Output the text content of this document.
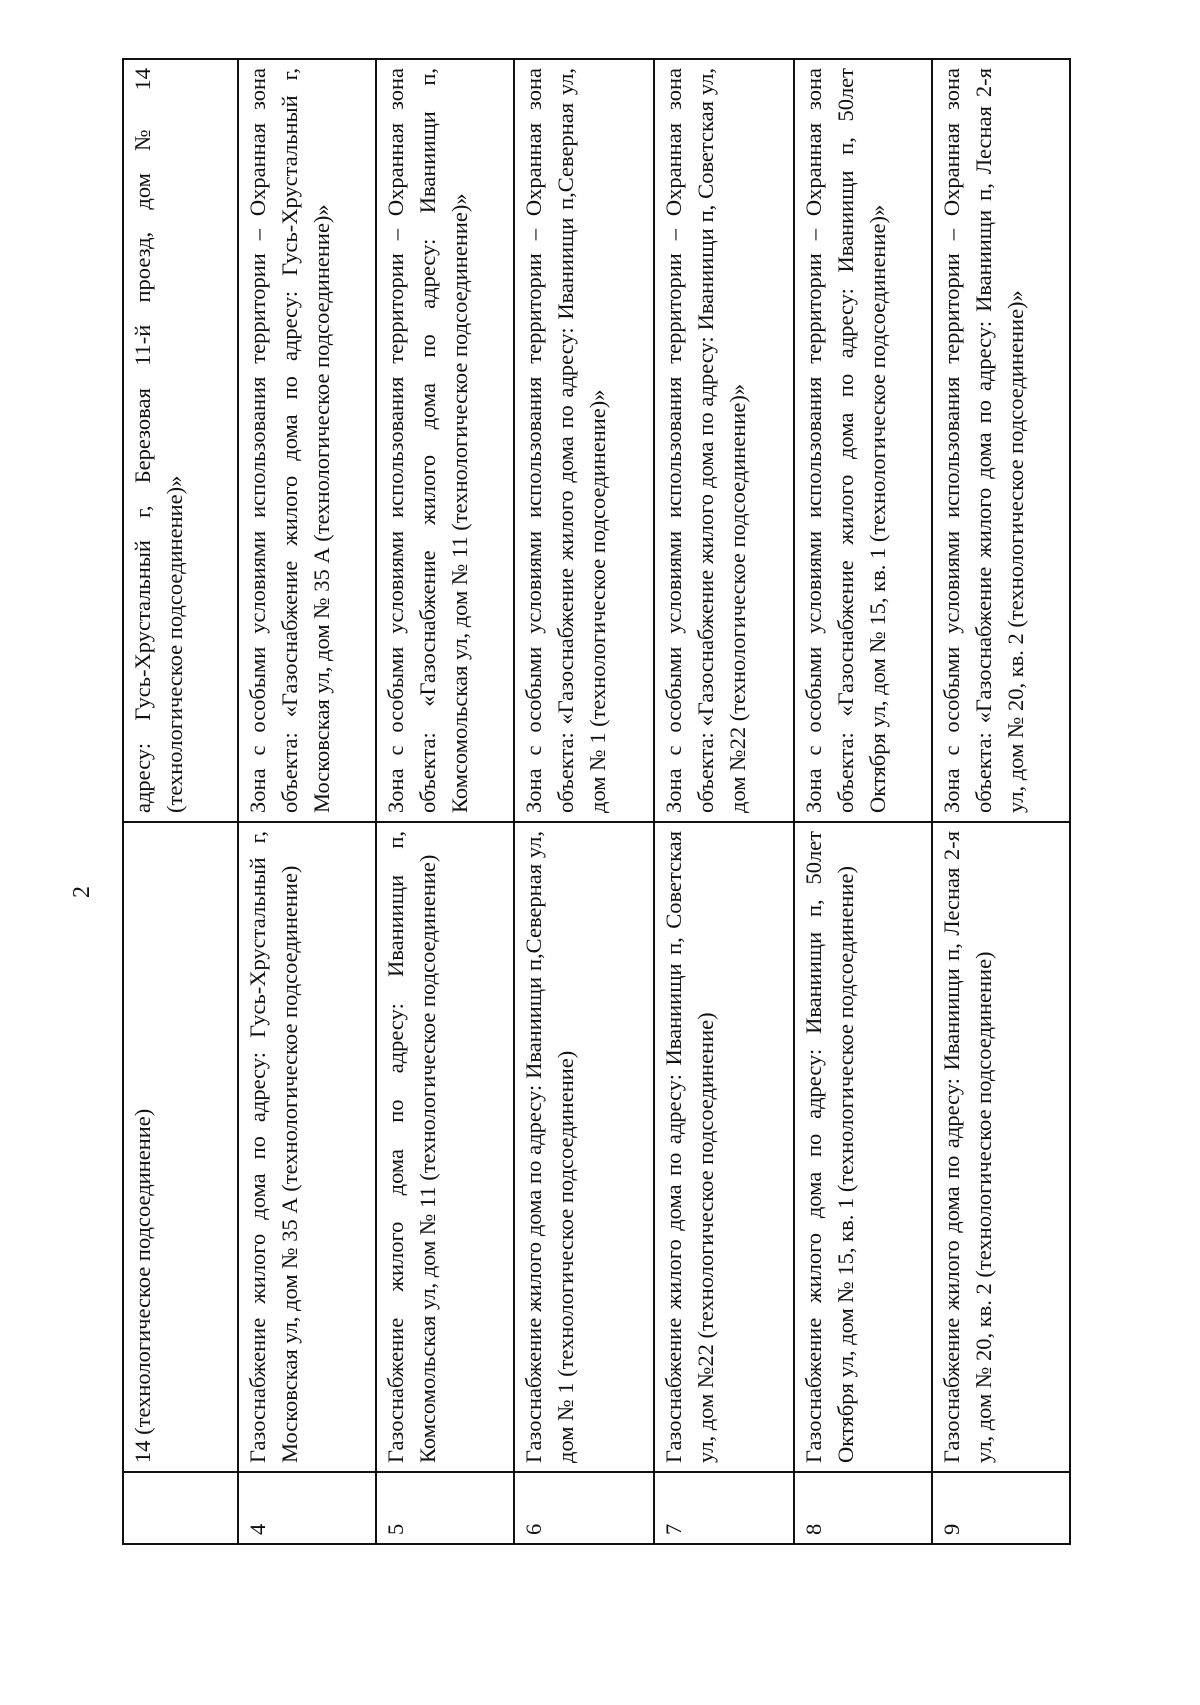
2
	14 (технологическое подсоединение)	адресу: Гусь-Хрустальный г, Березовая 11-й проезд, дом № 14 (технологическое подсоединение)»
4	Газоснабжение жилого дома по адресу: Гусь-Хрустальный г, Московская ул, дом № 35 А (технологическое подсоединение)	Зона с особыми условиями использования территории – Охранная зона объекта: «Газоснабжение жилого дома по адресу: Гусь-Хрустальный г, Московская ул, дом № 35 А (технологическое подсоединение)»
5	Газоснабжение жилого дома по адресу: Иваниищи п, Комсомольская ул, дом № 11 (технологическое подсоединение)	Зона с особыми условиями использования территории – Охранная зона объекта: «Газоснабжение жилого дома по адресу: Иваниищи п, Комсомольская ул, дом № 11 (технологическое подсоединение)»
6	Газоснабжение жилого дома по адресу: Иваниищи п,Северная ул, дом № 1 (технологическое подсоединение)	Зона с особыми условиями использования территории – Охранная зона объекта: «Газоснабжение жилого дома по адресу: Иваниищи п,Северная ул, дом № 1 (технологическое подсоединение)»
7	Газоснабжение жилого дома по адресу: Иваниищи п, Советская ул, дом №22 (технологическое подсоединение)	Зона с особыми условиями использования территории – Охранная зона объекта: «Газоснабжение жилого дома по адресу: Иваниищи п, Советская ул, дом №22 (технологическое подсоединение)»
8	Газоснабжение жилого дома по адресу: Иваниищи п, 50лет Октября ул, дом № 15, кв. 1 (технологическое подсоединение)	Зона с особыми условиями использования территории – Охранная зона объекта: «Газоснабжение жилого дома по адресу: Иваниищи п, 50лет Октября ул, дом № 15, кв. 1 (технологическое подсоединение)»
9	Газоснабжение жилого дома по адресу: Иваниищи п, Лесная 2-я ул, дом № 20, кв. 2 (технологическое подсоединение)	Зона с особыми условиями использования территории – Охранная зона объекта: «Газоснабжение жилого дома по адресу: Иваниищи п, Лесная 2-я ул, дом № 20, кв. 2 (технологическое подсоединение)»
